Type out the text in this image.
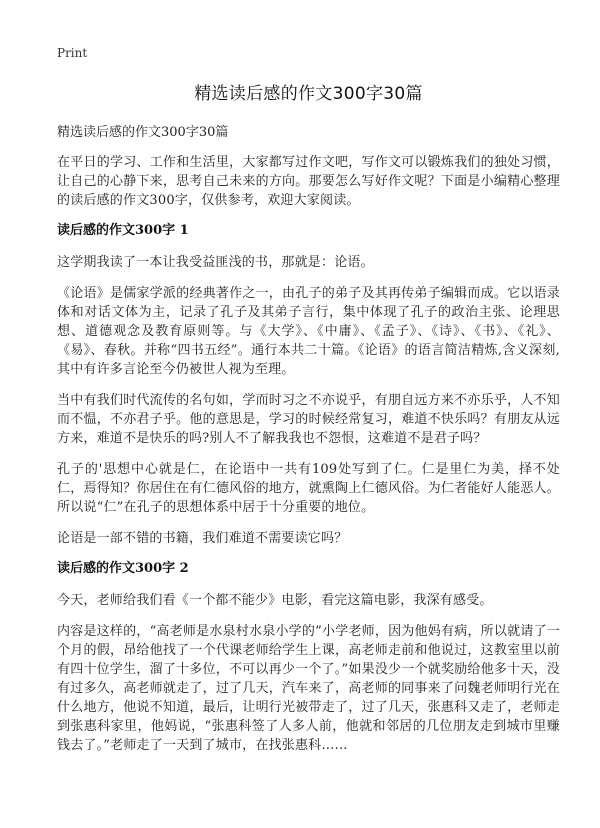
Print
精选读后感的作文300字30篇
精选读后感的作文300字30篇

在平日的学习、工作和生活里，大家都写过作文吧，写作文可以锻炼我们的独处习惯，让自己的心静下来，思考自己未来的方向。那要怎么写好作文呢？下面是小编精心整理的读后感的作文300字，仅供参考，欢迎大家阅读。

读后感的作文300字 1

这学期我读了一本让我受益匪浅的书，那就是：论语。

《论语》是儒家学派的经典著作之一，由孔子的弟子及其再传弟子编辑而成。它以语录体和对话文体为主，记录了孔子及其弟子言行，集中体现了孔子的政治主张、论理思想、道德观念及教育原则等。与《大学》、《中庸》、《孟子》、《诗》、《书》、《礼》、《易》、春秋。并称“四书五经”。通行本共二十篇。《论语》的语言简洁精炼,含义深刻,其中有许多言论至今仍被世人视为至理。

当中有我们时代流传的名句如，学而时习之不亦说乎，有朋自远方来不亦乐乎，人不知而不愠，不亦君子乎。他的意思是，学习的时候经常复习，难道不快乐吗？有朋友从远方来，难道不是快乐的吗?别人不了解我我也不怨恨，这难道不是君子吗？

孔子的'思想中心就是仁，在论语中一共有109处写到了仁。仁是里仁为美，择不处仁，焉得知？你居住在有仁德风俗的地方，就熏陶上仁德风俗。为仁者能好人能恶人。所以说“仁”在孔子的思想体系中居于十分重要的地位。

论语是一部不错的书籍，我们难道不需要读它吗？

读后感的作文300字 2

今天，老师给我们看《一个都不能少》电影，看完这篇电影，我深有感受。

内容是这样的，“高老师是水泉村水泉小学的”小学老师，因为他妈有病，所以就请了一个月的假，昂给他找了一个代课老师给学生上课，高老师走前和他说过，这教室里以前有四十位学生，溜了十多位，不可以再少一个了。”如果没少一个就奖励给他多十天，没有过多久，高老师就走了，过了几天，汽车来了，高老师的同事来了问魏老师明行光在什么地方，他说不知道，最后，让明行光被带走了，过了几天，张惠科又走了，老师走到张惠科家里，他妈说，“张惠科签了人多人前，他就和邻居的几位朋友走到城市里赚钱去了。”老师走了一天到了城市，在找张惠科……
